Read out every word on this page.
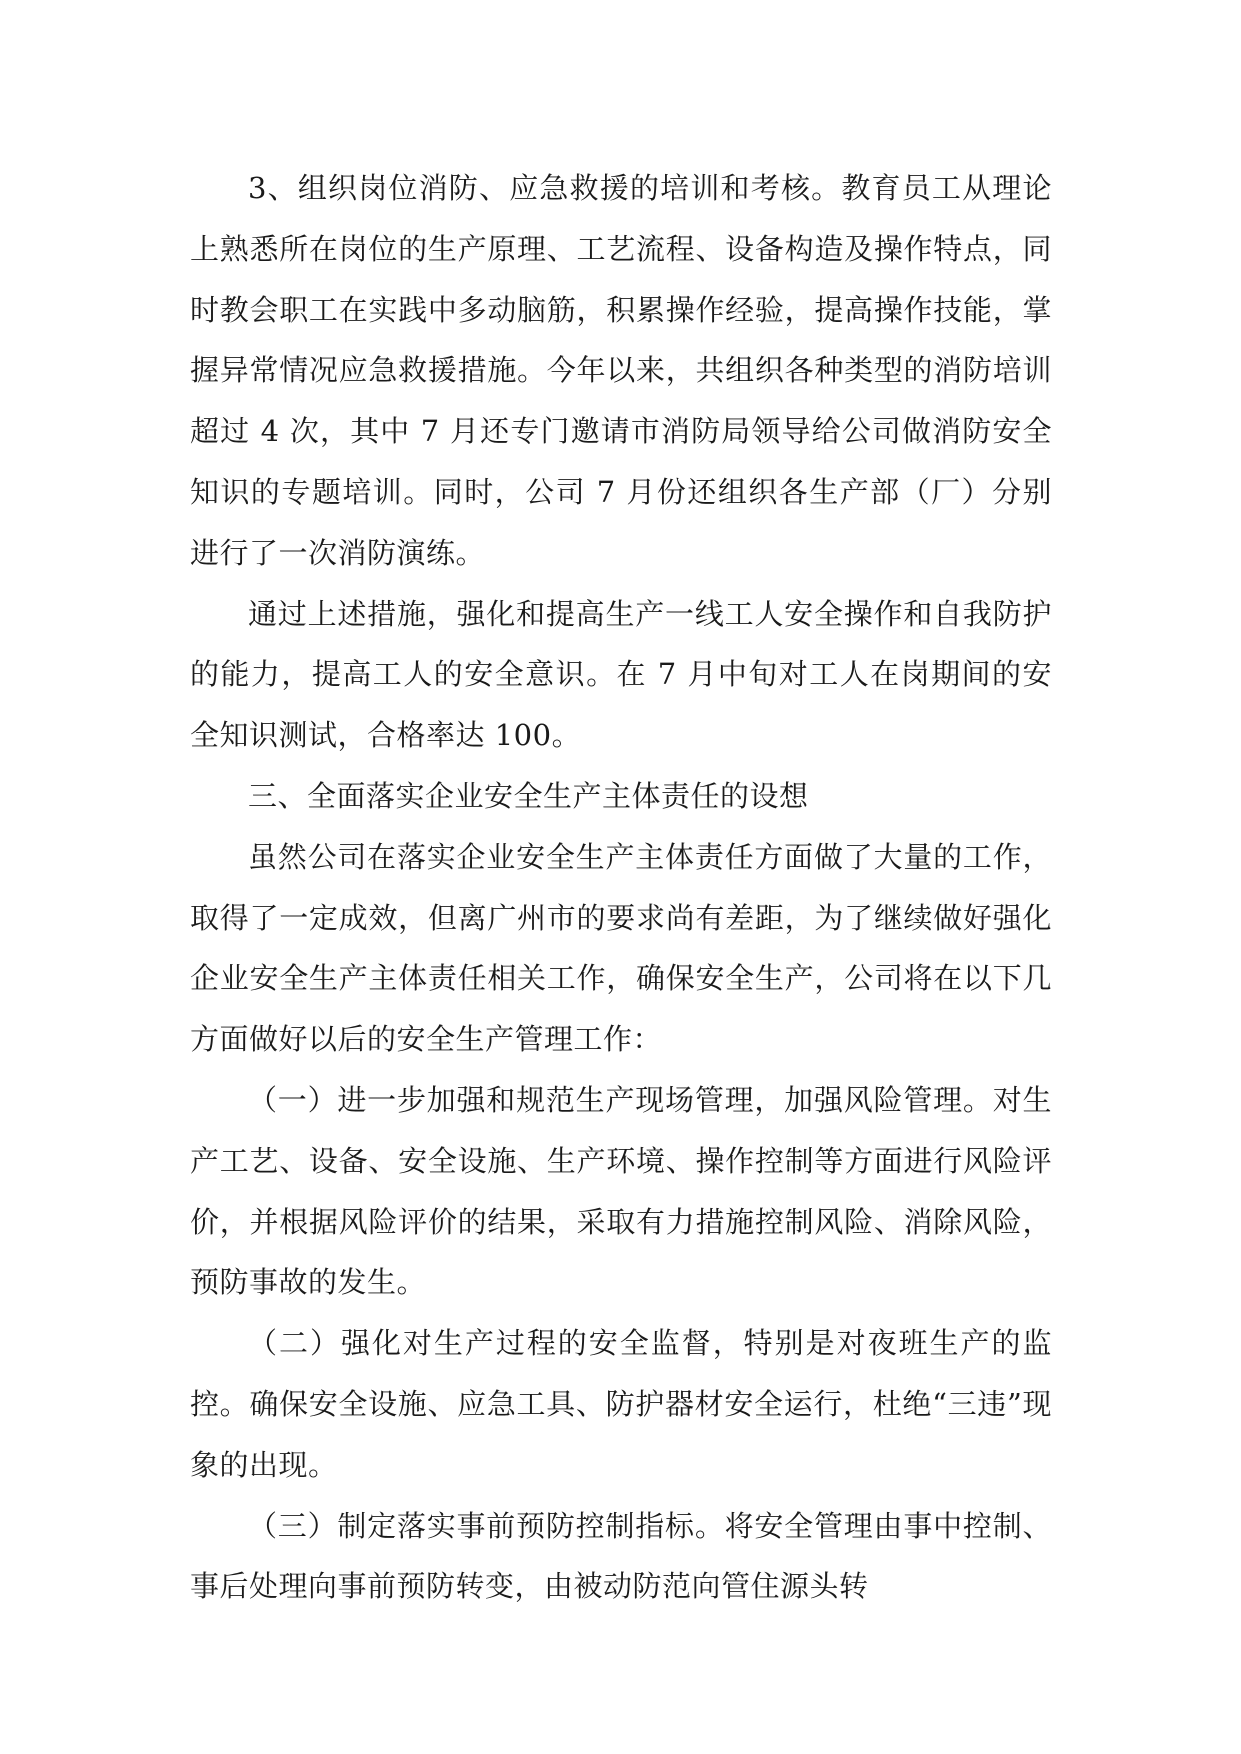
3、组织岗位消防、应急救援的培训和考核。教育员工从理论上熟悉所在岗位的生产原理、工艺流程、设备构造及操作特点，同时教会职工在实践中多动脑筋，积累操作经验，提高操作技能，掌握异常情况应急救援措施。今年以来，共组织各种类型的消防培训超过 4 次，其中 7 月还专门邀请市消防局领导给公司做消防安全知识的专题培训。同时，公司 7 月份还组织各生产部（厂）分别进行了一次消防演练。

通过上述措施，强化和提高生产一线工人安全操作和自我防护的能力，提高工人的安全意识。在 7 月中旬对工人在岗期间的安全知识测试，合格率达 100。

三、全面落实企业安全生产主体责任的设想

虽然公司在落实企业安全生产主体责任方面做了大量的工作，取得了一定成效，但离广州市的要求尚有差距，为了继续做好强化企业安全生产主体责任相关工作，确保安全生产，公司将在以下几方面做好以后的安全生产管理工作：

（一）进一步加强和规范生产现场管理，加强风险管理。对生产工艺、设备、安全设施、生产环境、操作控制等方面进行风险评价，并根据风险评价的结果，采取有力措施控制风险、消除风险，预防事故的发生。

（二）强化对生产过程的安全监督，特别是对夜班生产的监控。确保安全设施、应急工具、防护器材安全运行，杜绝“三违”现象的出现。

（三）制定落实事前预防控制指标。将安全管理由事中控制、事后处理向事前预防转变，由被动防范向管住源头转
